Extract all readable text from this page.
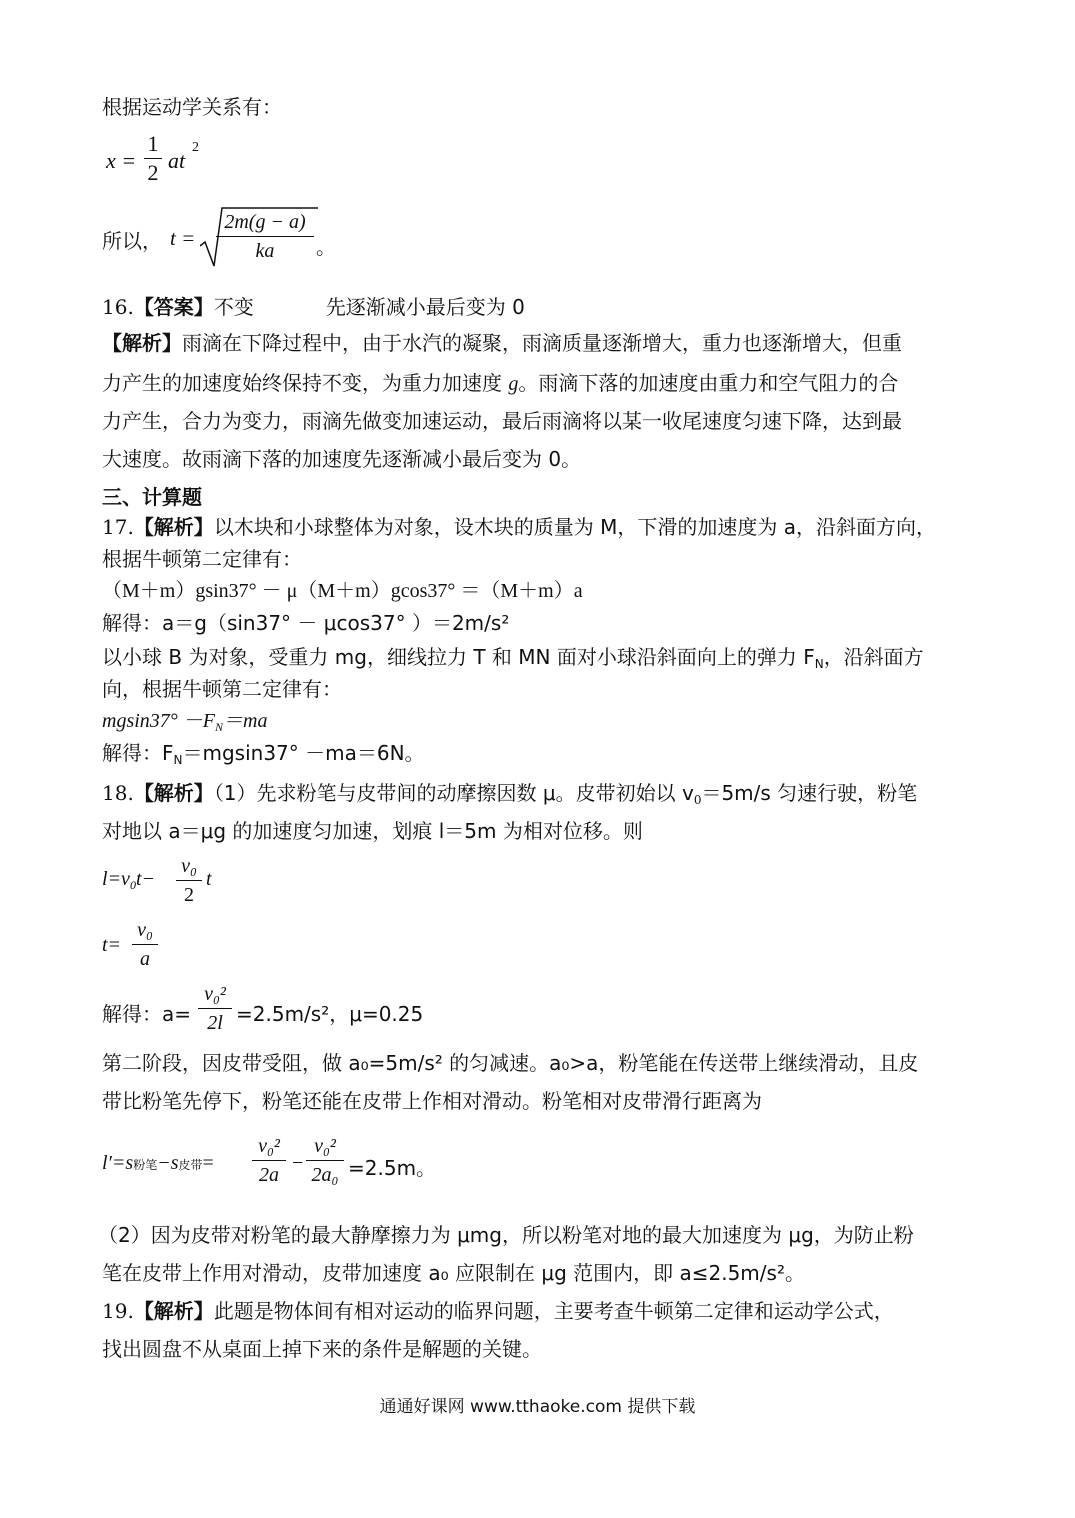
根据运动学关系有：
x =
1
2 at
2
所以， t =
2m(g − a)
ka	。
16.【答案】不变	先逐渐减小最后变为 0
【解析】雨滴在下降过程中，由于水汽的凝聚，雨滴质量逐渐增大，重力也逐渐增大，但重
力产生的加速度始终保持不变，为重力加速度 g。雨滴下落的加速度由重力和空气阻力的合
力产生，合力为变力，雨滴先做变加速运动，最后雨滴将以某一收尾速度匀速下降，达到最
大速度。故雨滴下落的加速度先逐渐减小最后变为 0。
三、计算题
17.【解析】以木块和小球整体为对象，设木块的质量为 M，下滑的加速度为 a，沿斜面方向，
根据牛顿第二定律有：
（M＋m）gsin37° － μ（M＋m）gcos37° ＝（M＋m）a
解得：a＝g（sin37° － μcos37° ）＝2m/s²
以小球 B 为对象，受重力 mg，细线拉力 T 和 MN 面对小球沿斜面向上的弹力 $F_N$，沿斜面方
向，根据牛顿第二定律有：
$mgsin37^\circ -F_N=ma$
解得：$F_N=mgsin37^\circ -ma=6N$。
18.【解析】（1）先求粉笔与皮带间的动摩擦因数 μ。皮带初始以 $v_0=5m/s$ 匀速行驶，粉笔
对地以 a＝μg 的加速度匀加速，划痕 l＝5m 为相对位移。则
$l=v_0t-$
v₀
2
t
t=
v₀
a
解得：a=
v₀²
2l =2.5m/s²，μ=0.25
第二阶段，因皮带受阻，做 a₀=5m/s² 的匀减速。a₀>a，粉笔能在传送带上继续滑动，且皮
带比粉笔先停下，粉笔还能在皮带上作相对滑动。粉笔相对皮带滑行距离为
l′=s粉笔−s皮带=
v₀²
2a
−
v₀²
2a₀ =2.5m。
（2）因为皮带对粉笔的最大静摩擦力为 μmg，所以粉笔对地的最大加速度为 μg，为防止粉
笔在皮带上作用对滑动，皮带加速度 a₀ 应限制在 μg 范围内，即 a≤2.5m/s²。
19.【解析】此题是物体间有相对运动的临界问题，主要考查牛顿第二定律和运动学公式，
找出圆盘不从桌面上掉下来的条件是解题的关键。
通通好课网 www.tthaoke.com 提供下载
